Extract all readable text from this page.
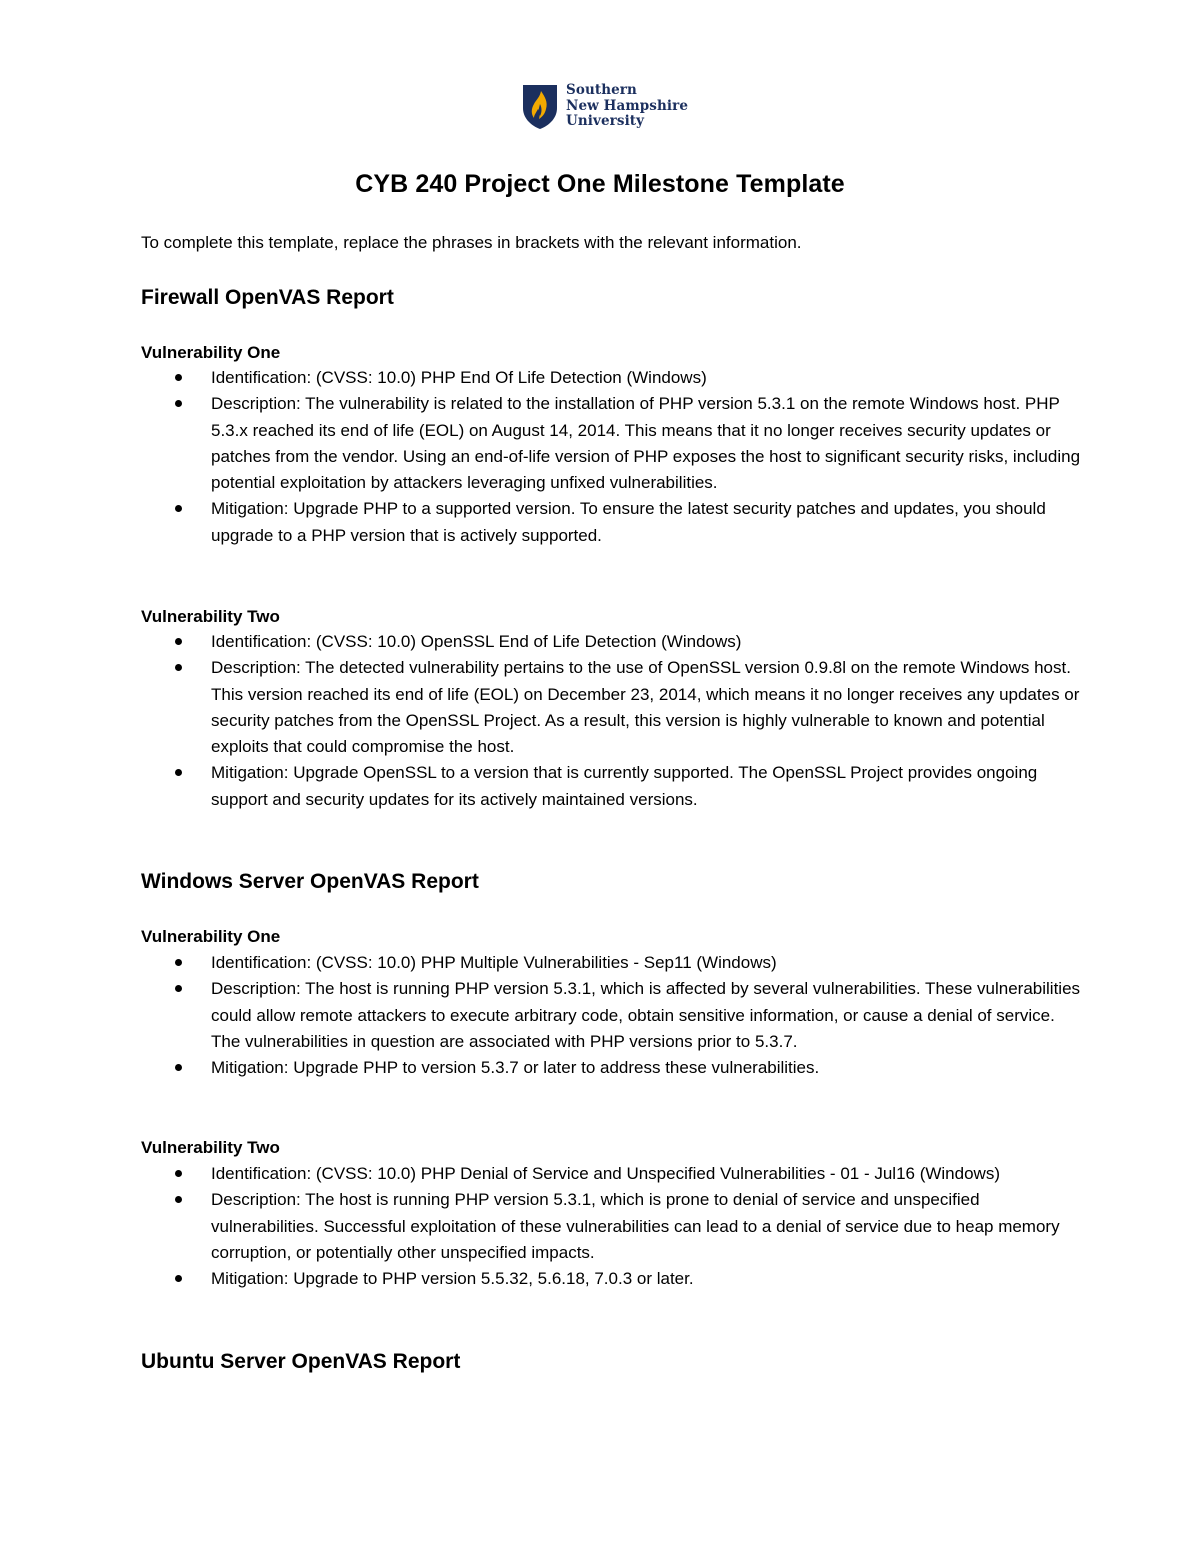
Southern
New Hampshire
University
CYB 240 Project One Milestone Template
To complete this template, replace the phrases in brackets with the relevant information.
Firewall OpenVAS Report
Vulnerability One
Identification: (CVSS: 10.0) PHP End Of Life Detection (Windows)
Description: The vulnerability is related to the installation of PHP version 5.3.1 on the remote Windows host. PHP 5.3.x reached its end of life (EOL) on August 14, 2014. This means that it no longer receives security updates or patches from the vendor. Using an end-of-life version of PHP exposes the host to significant security risks, including potential exploitation by attackers leveraging unfixed vulnerabilities.
Mitigation: Upgrade PHP to a supported version. To ensure the latest security patches and updates, you should upgrade to a PHP version that is actively supported.
Vulnerability Two
Identification: (CVSS: 10.0) OpenSSL End of Life Detection (Windows)
Description: The detected vulnerability pertains to the use of OpenSSL version 0.9.8l on the remote Windows host. This version reached its end of life (EOL) on December 23, 2014, which means it no longer receives any updates or security patches from the OpenSSL Project. As a result, this version is highly vulnerable to known and potential exploits that could compromise the host.
Mitigation: Upgrade OpenSSL to a version that is currently supported. The OpenSSL Project provides ongoing support and security updates for its actively maintained versions.
Windows Server OpenVAS Report
Vulnerability One
Identification: (CVSS: 10.0) PHP Multiple Vulnerabilities - Sep11 (Windows)
Description: The host is running PHP version 5.3.1, which is affected by several vulnerabilities. These vulnerabilities could allow remote attackers to execute arbitrary code, obtain sensitive information, or cause a denial of service. The vulnerabilities in question are associated with PHP versions prior to 5.3.7.
Mitigation: Upgrade PHP to version 5.3.7 or later to address these vulnerabilities.
Vulnerability Two
Identification: (CVSS: 10.0) PHP Denial of Service and Unspecified Vulnerabilities - 01 - Jul16 (Windows)
Description: The host is running PHP version 5.3.1, which is prone to denial of service and unspecified vulnerabilities. Successful exploitation of these vulnerabilities can lead to a denial of service due to heap memory corruption, or potentially other unspecified impacts.
Mitigation: Upgrade to PHP version 5.5.32, 5.6.18, 7.0.3 or later.
Ubuntu Server OpenVAS Report
